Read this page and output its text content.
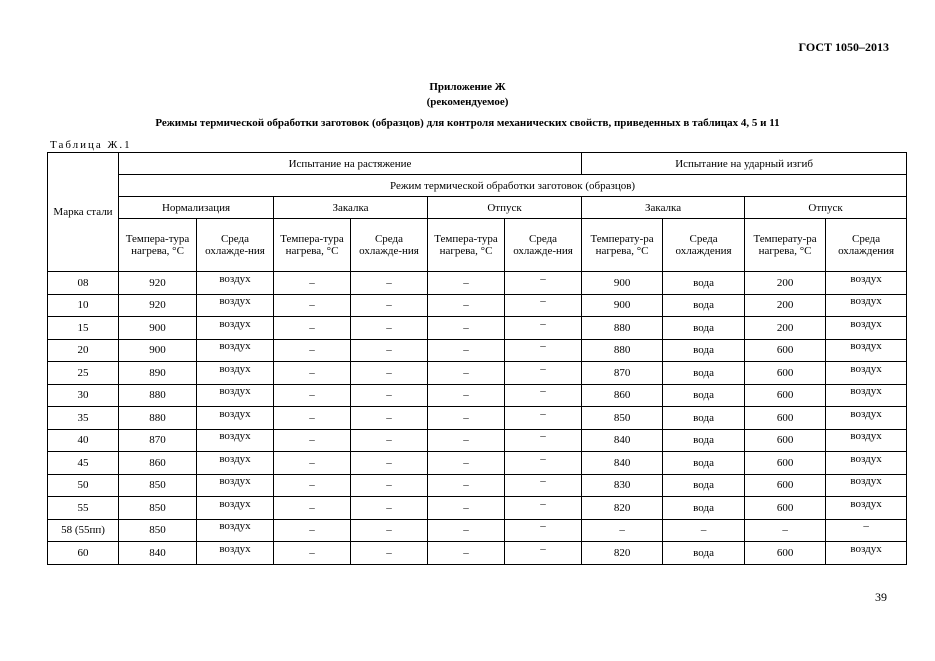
ГОСТ 1050–2013
Приложение Ж
(рекомендуемое)
Режимы термической обработки заготовок (образцов) для контроля механических свойств, приведенных в таблицах 4, 5 и 11
Таблица Ж.1
Марка стали	Испытание на растяжение						Испытание на ударный изгиб			
	Режим термической обработки заготовок (образцов)									
	Нормализация		Закалка		Отпуск		Закалка		Отпуск	
	Темпера-тура нагрева, °С	Среда охлажде-ния	Темпера-тура нагрева, °С	Среда охлажде-ния	Темпера-тура нагрева, °С	Среда охлажде-ния	Температу-ра нагрева, °С	Среда охлаждения	Температу-ра нагрева, °С	Среда охлаждения
08	920	воздух	–	–	–	–	900	вода	200	воздух
10	920	воздух	–	–	–	–	900	вода	200	воздух
15	900	воздух	–	–	–	–	880	вода	200	воздух
20	900	воздух	–	–	–	–	880	вода	600	воздух
25	890	воздух	–	–	–	–	870	вода	600	воздух
30	880	воздух	–	–	–	–	860	вода	600	воздух
35	880	воздух	–	–	–	–	850	вода	600	воздух
40	870	воздух	–	–	–	–	840	вода	600	воздух
45	860	воздух	–	–	–	–	840	вода	600	воздух
50	850	воздух	–	–	–	–	830	вода	600	воздух
55	850	воздух	–	–	–	–	820	вода	600	воздух
58 (55пп)	850	воздух	–	–	–	–	–	–	–	–
60	840	воздух	–	–	–	–	820	вода	600	воздух
39
